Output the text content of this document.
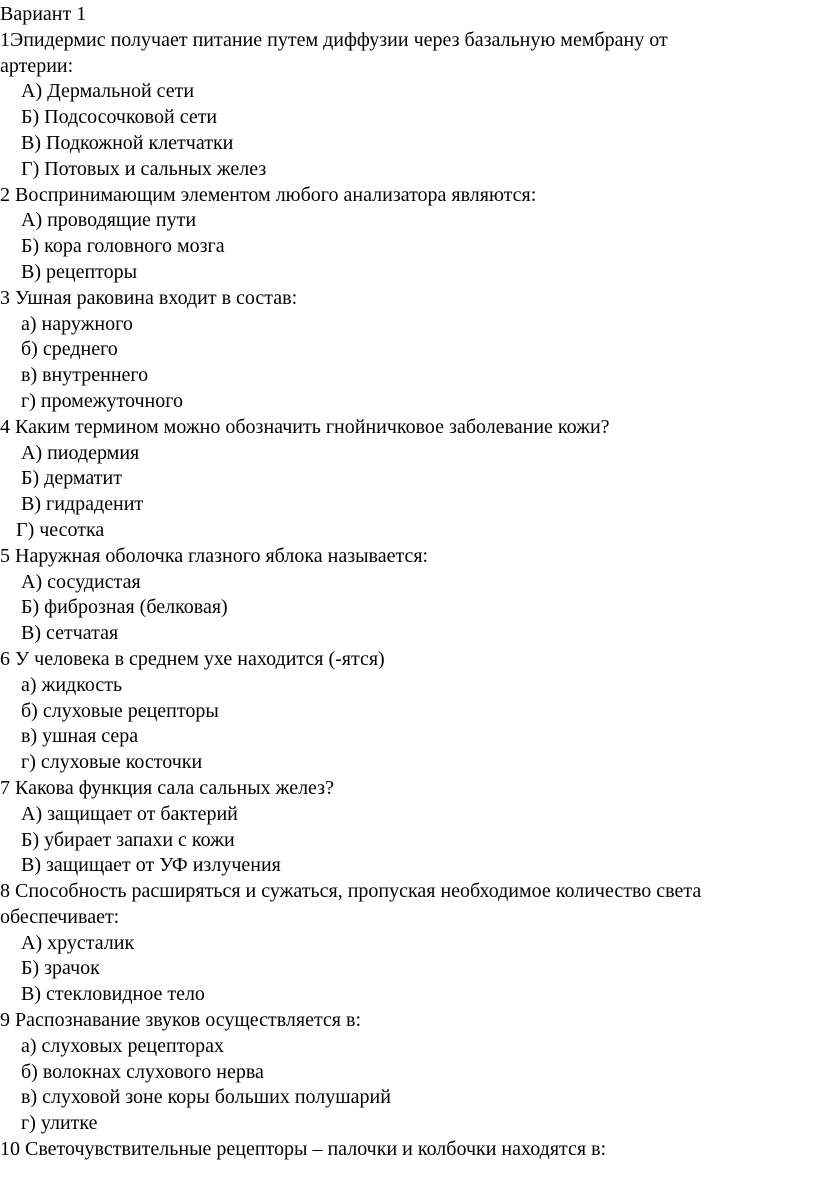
Вариант 1
1Эпидермис получает питание путем диффузии через базальную мембрану от
артерии:
А) Дермальной сети
Б) Подсосочковой сети
В) Подкожной клетчатки
Г) Потовых и сальных желез
2 Воспринимающим элементом любого анализатора являются:
А) проводящие пути
Б) кора головного мозга
В) рецепторы
3 Ушная раковина входит в состав:
а) наружного
б) среднего
в) внутреннего
г) промежуточного
4 Каким термином можно обозначить гнойничковое заболевание кожи?
А) пиодермия
Б) дерматит
В) гидраденит
Г) чесотка
5 Наружная оболочка глазного яблока называется:
А) сосудистая
Б) фиброзная (белковая)
В) сетчатая
6 У человека в среднем ухе находится (-ятся)
а) жидкость
б) слуховые рецепторы
в) ушная сера
г) слуховые косточки
7 Какова функция сала сальных желез?
А) защищает от бактерий
Б) убирает запахи с кожи
В) защищает от УФ излучения
8 Способность расширяться и сужаться, пропуская необходимое количество света
обеспечивает:
А) хрусталик
Б) зрачок
В) стекловидное тело
9 Распознавание звуков осуществляется в:
а) слуховых рецепторах
б) волокнах слухового нерва
в) слуховой зоне коры больших полушарий
г) улитке
10 Светочувствительные рецепторы – палочки и колбочки находятся в:
